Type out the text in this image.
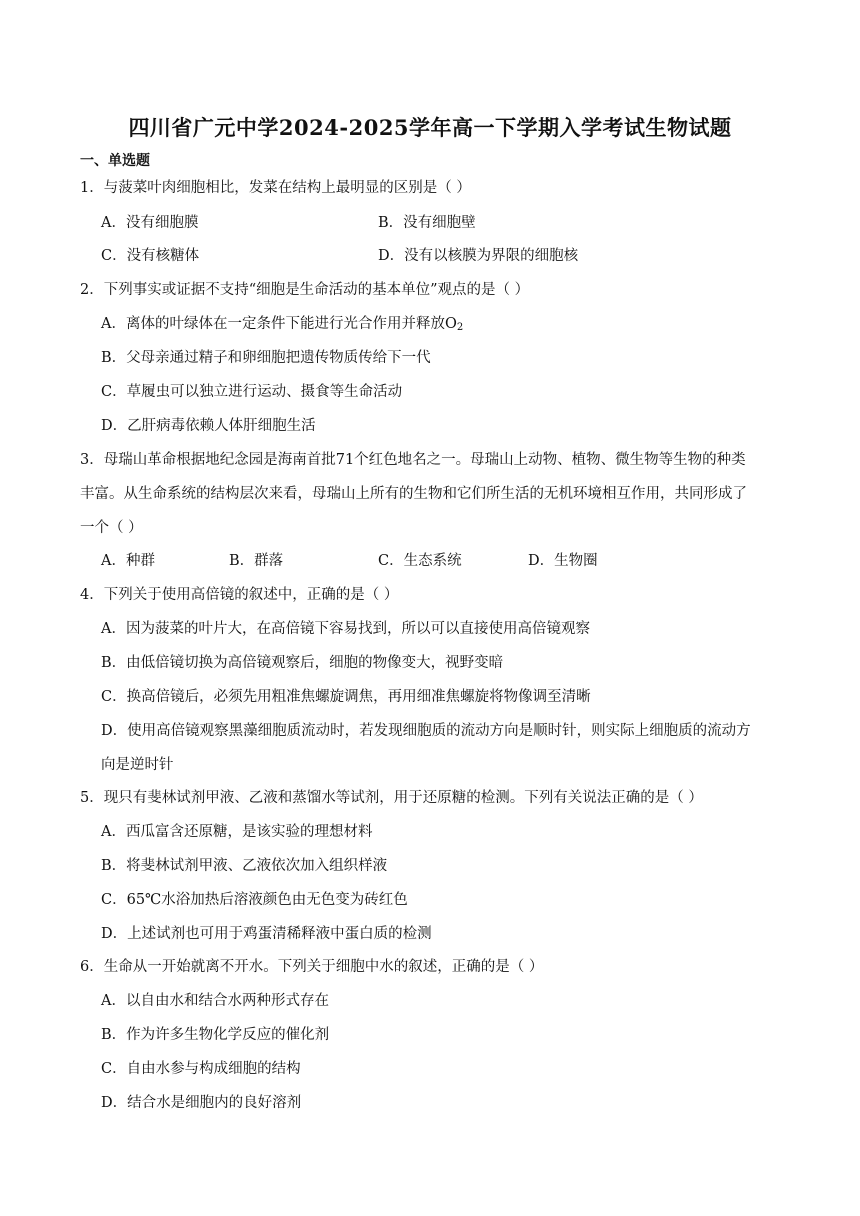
四川省广元中学2024-2025学年高一下学期入学考试生物试题
一、单选题
1．与菠菜叶肉细胞相比，发菜在结构上最明显的区别是（ ）
A．没有细胞膜	B．没有细胞壁
C．没有核糖体	D．没有以核膜为界限的细胞核
2．下列事实或证据不支持“细胞是生命活动的基本单位”观点的是（ ）
A．离体的叶绿体在一定条件下能进行光合作用并释放$O_2$
B．父母亲通过精子和卵细胞把遗传物质传给下一代
C．草履虫可以独立进行运动、摄食等生命活动
D．乙肝病毒依赖人体肝细胞生活
3．母瑞山革命根据地纪念园是海南首批71个红色地名之一。母瑞山上动物、植物、微生物等生物的种类
丰富。从生命系统的结构层次来看，母瑞山上所有的生物和它们所生活的无机环境相互作用，共同形成了
一个（ ）
A．种群	B．群落	C．生态系统	D．生物圈
4．下列关于使用高倍镜的叙述中，正确的是（ ）
A．因为菠菜的叶片大，在高倍镜下容易找到，所以可以直接使用高倍镜观察
B．由低倍镜切换为高倍镜观察后，细胞的物像变大，视野变暗
C．换高倍镜后，必须先用粗准焦螺旋调焦，再用细准焦螺旋将物像调至清晰
D．使用高倍镜观察黑藻细胞质流动时，若发现细胞质的流动方向是顺时针，则实际上细胞质的流动方
向是逆时针
5．现只有斐林试剂甲液、乙液和蒸馏水等试剂，用于还原糖的检测。下列有关说法正确的是（ ）
A．西瓜富含还原糖，是该实验的理想材料
B．将斐林试剂甲液、乙液依次加入组织样液
C．65℃水浴加热后溶液颜色由无色变为砖红色
D．上述试剂也可用于鸡蛋清稀释液中蛋白质的检测
6．生命从一开始就离不开水。下列关于细胞中水的叙述，正确的是（ ）
A．以自由水和结合水两种形式存在
B．作为许多生物化学反应的催化剂
C．自由水参与构成细胞的结构
D．结合水是细胞内的良好溶剂
